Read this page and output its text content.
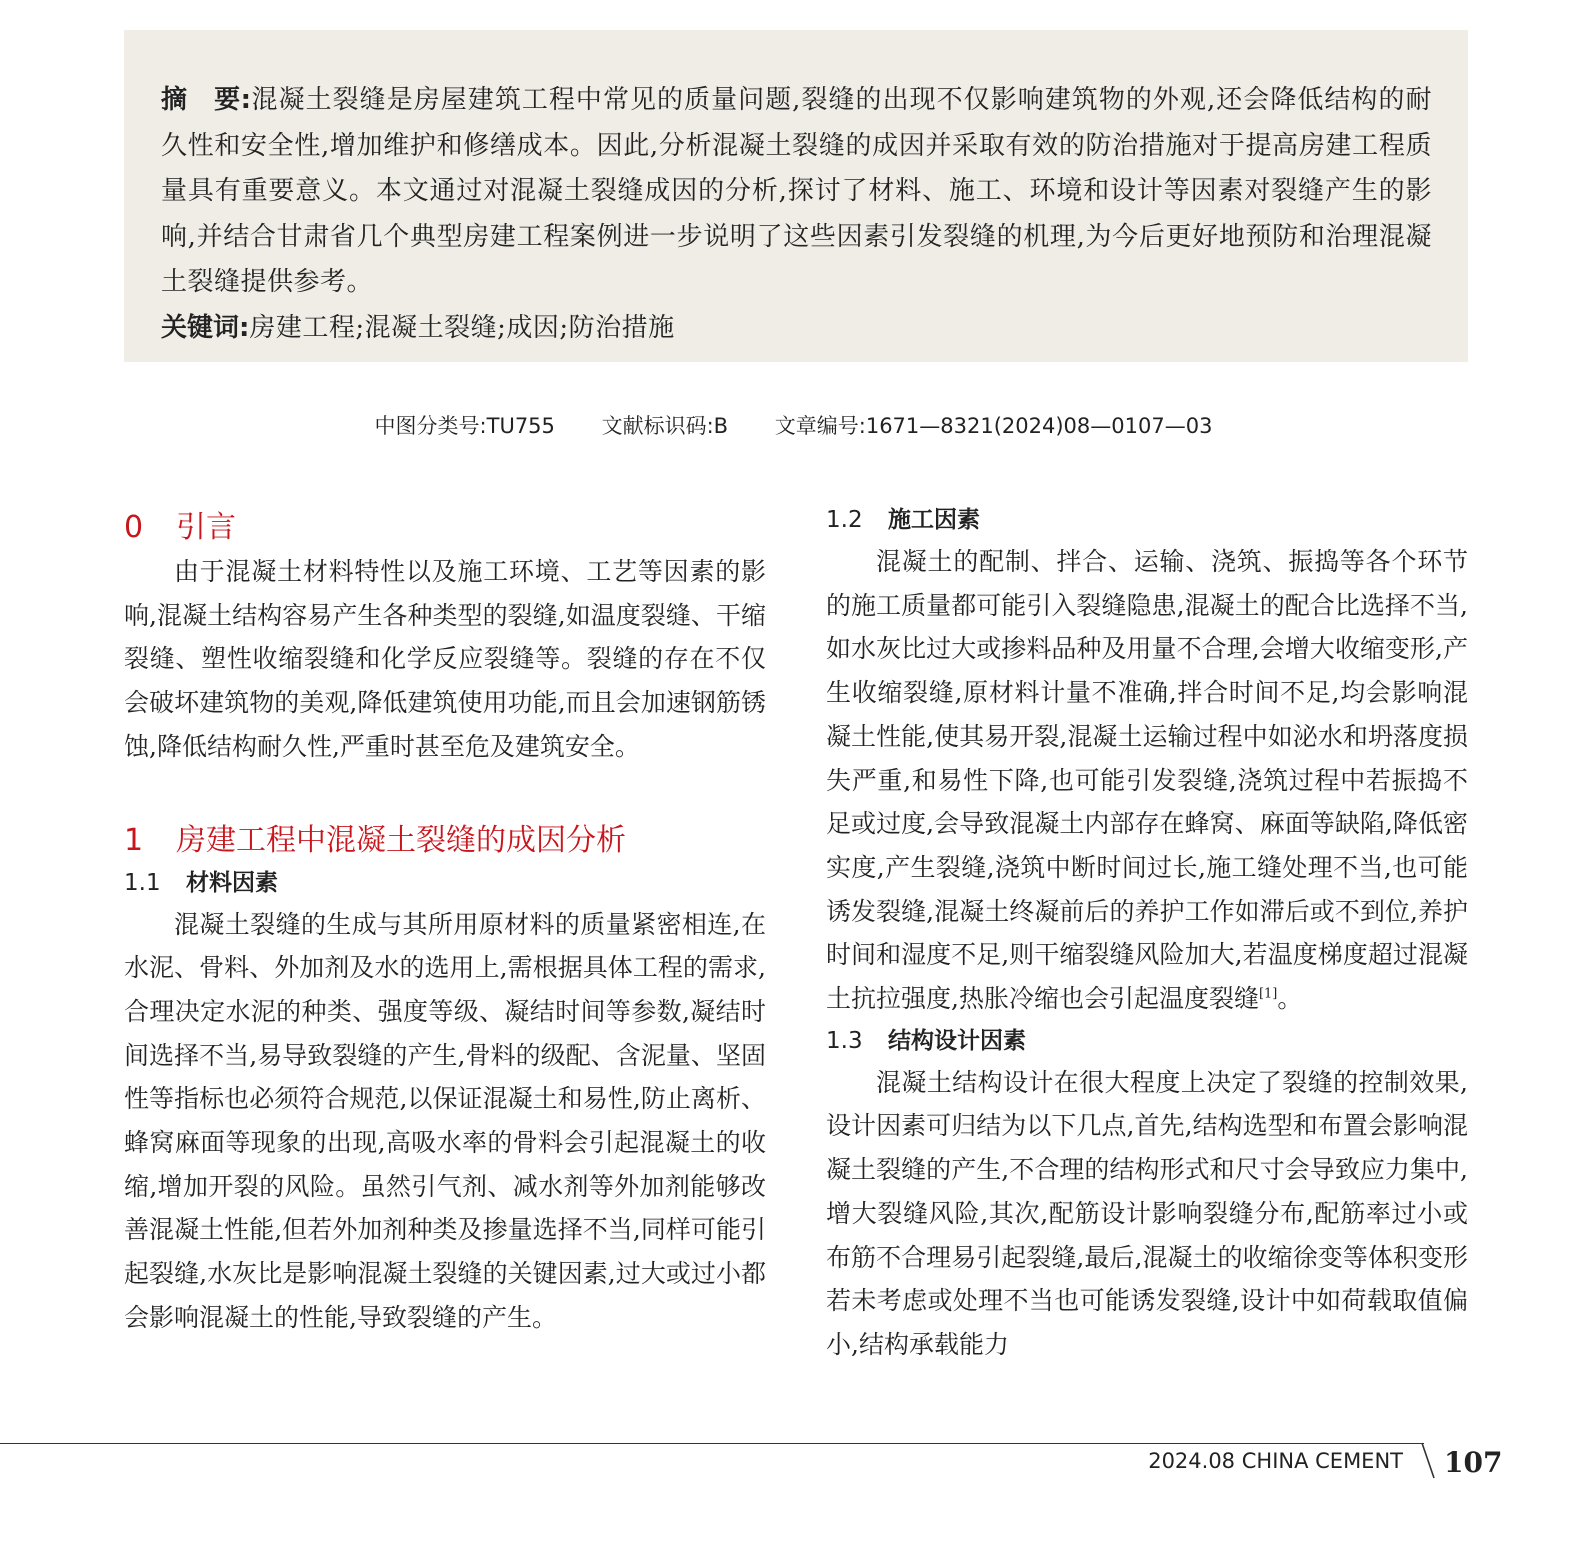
摘　要:混凝土裂缝是房屋建筑工程中常见的质量问题,裂缝的出现不仅影响建筑物的外观,还会降低结构的耐久性和安全性,增加维护和修缮成本。因此,分析混凝土裂缝的成因并采取有效的防治措施对于提高房建工程质量具有重要意义。本文通过对混凝土裂缝成因的分析,探讨了材料、施工、环境和设计等因素对裂缝产生的影响,并结合甘肃省几个典型房建工程案例进一步说明了这些因素引发裂缝的机理,为今后更好地预防和治理混凝土裂缝提供参考。

关键词:房建工程;混凝土裂缝;成因;防治措施

中图分类号:TU755 文献标识码:B 文章编号:1671—8321(2024)08—0107—03
0 引言

由于混凝土材料特性以及施工环境、工艺等因素的影响,混凝土结构容易产生各种类型的裂缝,如温度裂缝、干缩裂缝、塑性收缩裂缝和化学反应裂缝等。裂缝的存在不仅会破坏建筑物的美观,降低建筑使用功能,而且会加速钢筋锈蚀,降低结构耐久性,严重时甚至危及建筑安全。

1 房建工程中混凝土裂缝的成因分析
1.1 材料因素

混凝土裂缝的生成与其所用原材料的质量紧密相连,在水泥、骨料、外加剂及水的选用上,需根据具体工程的需求,合理决定水泥的种类、强度等级、凝结时间等参数,凝结时间选择不当,易导致裂缝的产生,骨料的级配、含泥量、坚固性等指标也必须符合规范,以保证混凝土和易性,防止离析、蜂窝麻面等现象的出现,高吸水率的骨料会引起混凝土的收缩,增加开裂的风险。虽然引气剂、减水剂等外加剂能够改善混凝土性能,但若外加剂种类及掺量选择不当,同样可能引起裂缝,水灰比是影响混凝土裂缝的关键因素,过大或过小都会影响混凝土的性能,导致裂缝的产生。

1.2 施工因素

混凝土的配制、拌合、运输、浇筑、振捣等各个环节的施工质量都可能引入裂缝隐患,混凝土的配合比选择不当,如水灰比过大或掺料品种及用量不合理,会增大收缩变形,产生收缩裂缝,原材料计量不准确,拌合时间不足,均会影响混凝土性能,使其易开裂,混凝土运输过程中如泌水和坍落度损失严重,和易性下降,也可能引发裂缝,浇筑过程中若振捣不足或过度,会导致混凝土内部存在蜂窝、麻面等缺陷,降低密实度,产生裂缝,浇筑中断时间过长,施工缝处理不当,也可能诱发裂缝,混凝土终凝前后的养护工作如滞后或不到位,养护时间和湿度不足,则干缩裂缝风险加大,若温度梯度超过混凝土抗拉强度,热胀冷缩也会引起温度裂缝[1]。

1.3 结构设计因素

混凝土结构设计在很大程度上决定了裂缝的控制效果,设计因素可归结为以下几点,首先,结构选型和布置会影响混凝土裂缝的产生,不合理的结构形式和尺寸会导致应力集中,增大裂缝风险,其次,配筋设计影响裂缝分布,配筋率过小或布筋不合理易引起裂缝,最后,混凝土的收缩徐变等体积变形若未考虑或处理不当也可能诱发裂缝,设计中如荷载取值偏小,结构承载能力

2024.08 CHINA CEMENT 107
